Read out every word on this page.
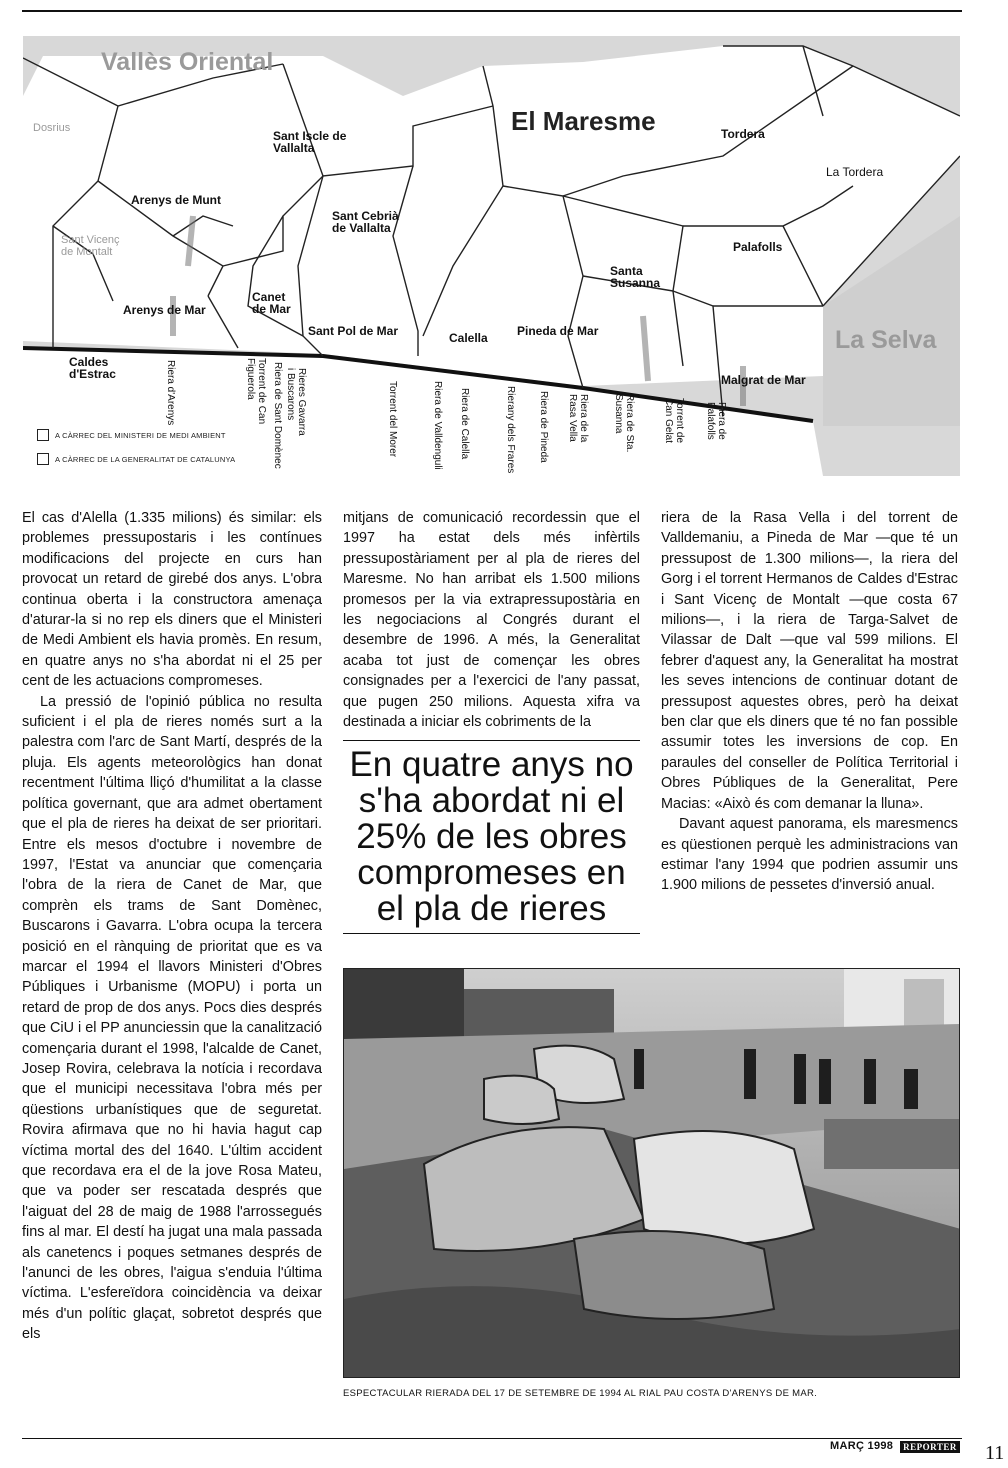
Vallès Oriental
El Maresme
La Selva
Dosrius
Sant Vicenç de Montalt
La Tordera
Sant Iscle de Vallalta
Arenys de Munt
Sant Cebrià de Vallalta
Tordera
Palafolls
Santa Susanna
Canet de Mar
Arenys de Mar
Sant Pol de Mar	Calella Pineda de Mar
Caldes d'Estrac	Malgrat de Mar
Riera d'Arenys	Torrent de Can Figuerola	Riera de Sant Domènec	Rieres Gavarra i Buscarons	Torrent del Morer	Riera de Valldenguli Riera de Calella	Rierany dels Frares Riera de Pineda	Riera de la Rasa Vella	Riera de Sta. Susanna	Torrent de Can Gelat	Riera de Palafolls
A CÀRREC DEL MINISTERI DE MEDI AMBIENT
A CÀRREC DE LA GENERALITAT DE CATALUNYA

El cas d'Alella (1.335 milions) és similar: els problemes pressupostaris i les contínues modificacions del projecte en curs han provocat un retard de girebé dos anys. L'obra continua oberta i la constructora amenaça d'aturar-la si no rep els diners que el Ministeri de Medi Ambient els havia promès. En resum, en quatre anys no s'ha abordat ni el 25 per cent de les actuacions compromeses.

La pressió de l'opinió pública no resulta suficient i el pla de rieres només surt a la palestra com l'arc de Sant Martí, després de la pluja. Els agents meteorològics han donat recentment l'última lliçó d'humilitat a la classe política governant, que ara admet obertament que el pla de rieres ha deixat de ser prioritari. Entre els mesos d'octubre i novembre de 1997, l'Estat va anunciar que començaria l'obra de la riera de Canet de Mar, que comprèn els trams de Sant Domènec, Buscarons i Gavarra. L'obra ocupa la tercera posició en el rànquing de prioritat que es va marcar el 1994 el llavors Ministeri d'Obres Públiques i Urbanisme (MOPU) i porta un retard de prop de dos anys. Pocs dies després que CiU i el PP anunciessin que la canalització començaria durant el 1998, l'alcalde de Canet, Josep Rovira, celebrava la notícia i recordava que el municipi necessitava l'obra més per qüestions urbanístiques que de seguretat. Rovira afirmava que no hi havia hagut cap víctima mortal des del 1640. L'últim accident que recordava era el de la jove Rosa Mateu, que va poder ser rescatada després que l'aiguat del 28 de maig de 1988 l'arrossegués fins al mar. El destí ha jugat una mala passada als canetencs i poques setmanes després de l'anunci de les obres, l'aigua s'enduia l'última víctima. L'esfereïdora coincidència va deixar més d'un polític glaçat, sobretot després que els

mitjans de comunicació recordessin que el 1997 ha estat dels més infèrtils pressupostàriament per al pla de rieres del Maresme. No han arribat els 1.500 milions promesos per la via extrapressupostària en les negociacions al Congrés durant el desembre de 1996. A més, la Generalitat acaba tot just de començar les obres consignades per a l'exercici de l'any passat, que pugen 250 milions. Aquesta xifra va destinada a iniciar els cobriments de la

En quatre anys no s'ha abordat ni el 25% de les obres compromeses en el pla de rieres

riera de la Rasa Vella i del torrent de Valldemaniu, a Pineda de Mar —que té un pressupost de 1.300 milions—, la riera del Gorg i el torrent Hermanos de Caldes d'Estrac i Sant Vicenç de Montalt —que costa 67 milions—, i la riera de Targa-Salvet de Vilassar de Dalt —que val 599 milions. El febrer d'aquest any, la Generalitat ha mostrat les seves intencions de continuar dotant de pressupost aquestes obres, però ha deixat ben clar que els diners que té no fan possible assumir totes les inversions de cop. En paraules del conseller de Política Territorial i Obres Públiques de la Generalitat, Pere Macias: «Això és com demanar la lluna».

Davant aquest panorama, els maresmencs es qüestionen perquè les administracions van estimar l'any 1994 que podrien assumir uns 1.900 milions de pessetes d'inversió anual.

ESPECTACULAR RIERADA DEL 17 DE SETEMBRE DE 1994 AL RIAL PAU COSTA D'ARENYS DE MAR.
MARÇ 1998	REPORTER 11
